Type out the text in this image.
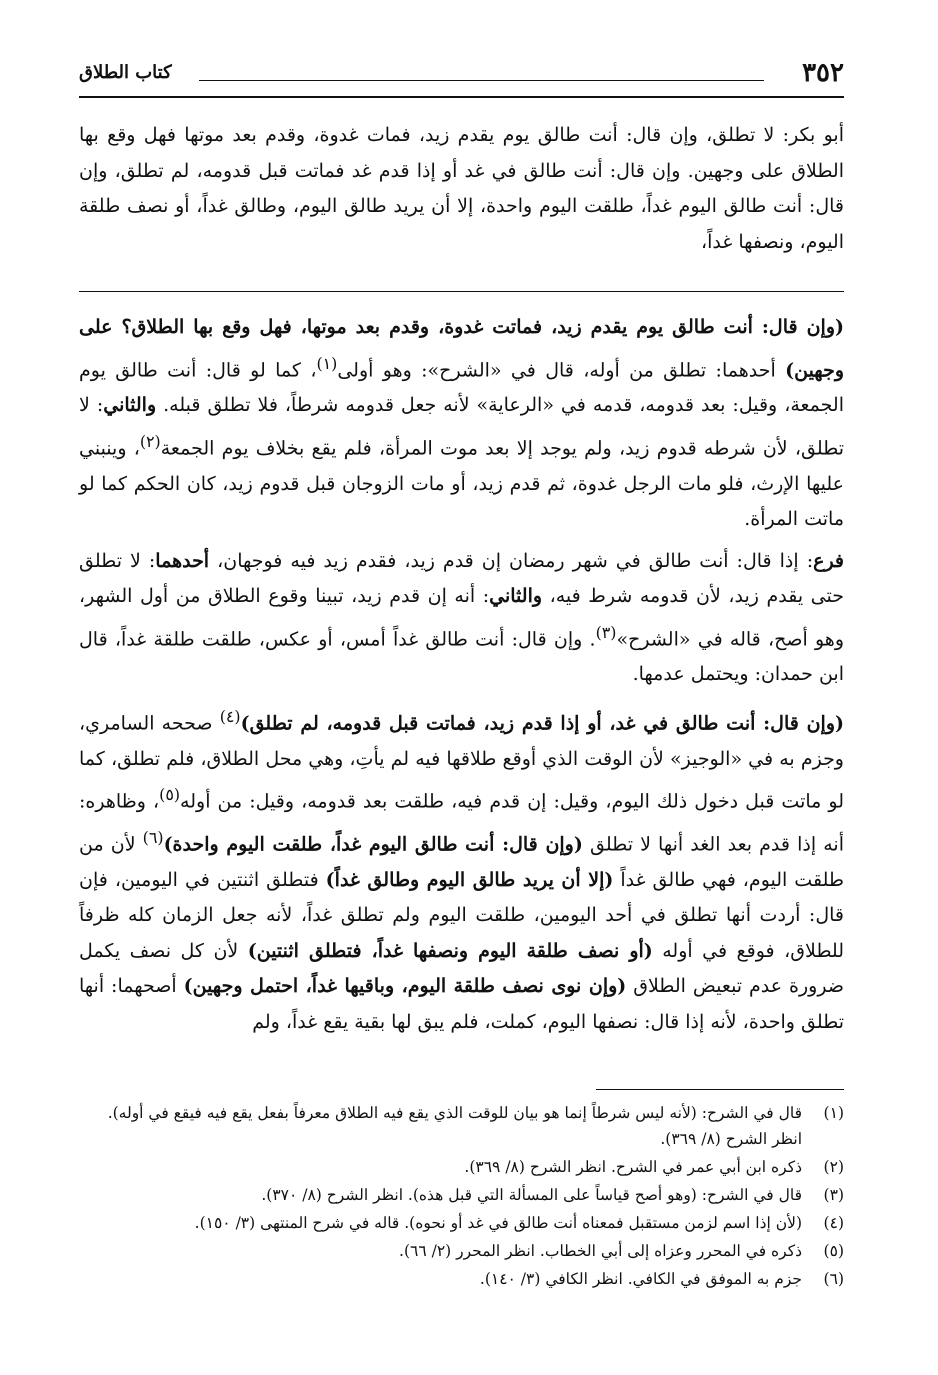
٣٥٢
كتاب الطلاق

أبو بكر: لا تطلق، وإن قال: أنت طالق يوم يقدم زيد، فمات غدوة، وقدم بعد موتها فهل وقع بها الطلاق على وجهين. وإن قال: أنت طالق في غد أو إذا قدم غد فماتت قبل قدومه، لم تطلق، وإن قال: أنت طالق اليوم غداً، طلقت اليوم واحدة، إلا أن يريد طالق اليوم، وطالق غداً، أو نصف طلقة اليوم، ونصفها غداً،

(وإن قال: أنت طالق يوم يقدم زيد، فماتت غدوة، وقدم بعد موتها، فهل وقع بها الطلاق؟ على وجهين) أحدهما: تطلق من أوله، قال في «الشرح»: وهو أولى$^{(١)}$، كما لو قال: أنت طالق يوم الجمعة، وقيل: بعد قدومه، قدمه في «الرعاية» لأنه جعل قدومه شرطاً، فلا تطلق قبله. والثاني: لا تطلق، لأن شرطه قدوم زيد، ولم يوجد إلا بعد موت المرأة، فلم يقع بخلاف يوم الجمعة$^{(٢)}$، وينبني عليها الإرث، فلو مات الرجل غدوة، ثم قدم زيد، أو مات الزوجان قبل قدوم زيد، كان الحكم كما لو ماتت المرأة.

فرع: إذا قال: أنت طالق في شهر رمضان إن قدم زيد، فقدم زيد فيه فوجهان، أحدهما: لا تطلق حتى يقدم زيد، لأن قدومه شرط فيه، والثاني: أنه إن قدم زيد، تبينا وقوع الطلاق من أول الشهر، وهو أصح، قاله في «الشرح»$^{(٣)}$. وإن قال: أنت طالق غداً أمس، أو عكس، طلقت طلقة غداً، قال ابن حمدان: ويحتمل عدمها.

(وإن قال: أنت طالق في غد، أو إذا قدم زيد، فماتت قبل قدومه، لم تطلق)$^{(٤)}$ صححه السامري، وجزم به في «الوجيز» لأن الوقت الذي أوقع طلاقها فيه لم يأتِ، وهي محل الطلاق، فلم تطلق، كما لو ماتت قبل دخول ذلك اليوم، وقيل: إن قدم فيه، طلقت بعد قدومه، وقيل: من أوله$^{(٥)}$، وظاهره: أنه إذا قدم بعد الغد أنها لا تطلق (وإن قال: أنت طالق اليوم غداً، طلقت اليوم واحدة)$^{(٦)}$ لأن من طلقت اليوم، فهي طالق غداً (إلا أن يريد طالق اليوم وطالق غداً) فتطلق اثنتين في اليومين، فإن قال: أردت أنها تطلق في أحد اليومين، طلقت اليوم ولم تطلق غداً، لأنه جعل الزمان كله ظرفاً للطلاق، فوقع في أوله (أو نصف طلقة اليوم ونصفها غداً، فتطلق اثنتين) لأن كل نصف يكمل ضرورة عدم تبعيض الطلاق (وإن نوى نصف طلقة اليوم، وباقيها غداً، احتمل وجهين) أصحهما: أنها تطلق واحدة، لأنه إذا قال: نصفها اليوم، كملت، فلم يبق لها بقية يقع غداً، ولم

(١)
قال في الشرح: (لأنه ليس شرطاً إنما هو بيان للوقت الذي يقع فيه الطلاق معرفاً بفعل يقع فيه فيقع في أوله). انظر الشرح (٨/ ٣٦٩).
(٢)
ذكره ابن أبي عمر في الشرح. انظر الشرح (٨/ ٣٦٩).
(٣)
قال في الشرح: (وهو أصح قياساً على المسألة التي قبل هذه). انظر الشرح (٨/ ٣٧٠).
(٤)
(لأن إذا اسم لزمن مستقبل فمعناه أنت طالق في غد أو نحوه). قاله في شرح المنتهى (٣/ ١٥٠).
(٥)
ذكره في المحرر وعزاه إلى أبي الخطاب. انظر المحرر (٢/ ٦٦).
(٦)
جزم به الموفق في الكافي. انظر الكافي (٣/ ١٤٠).
